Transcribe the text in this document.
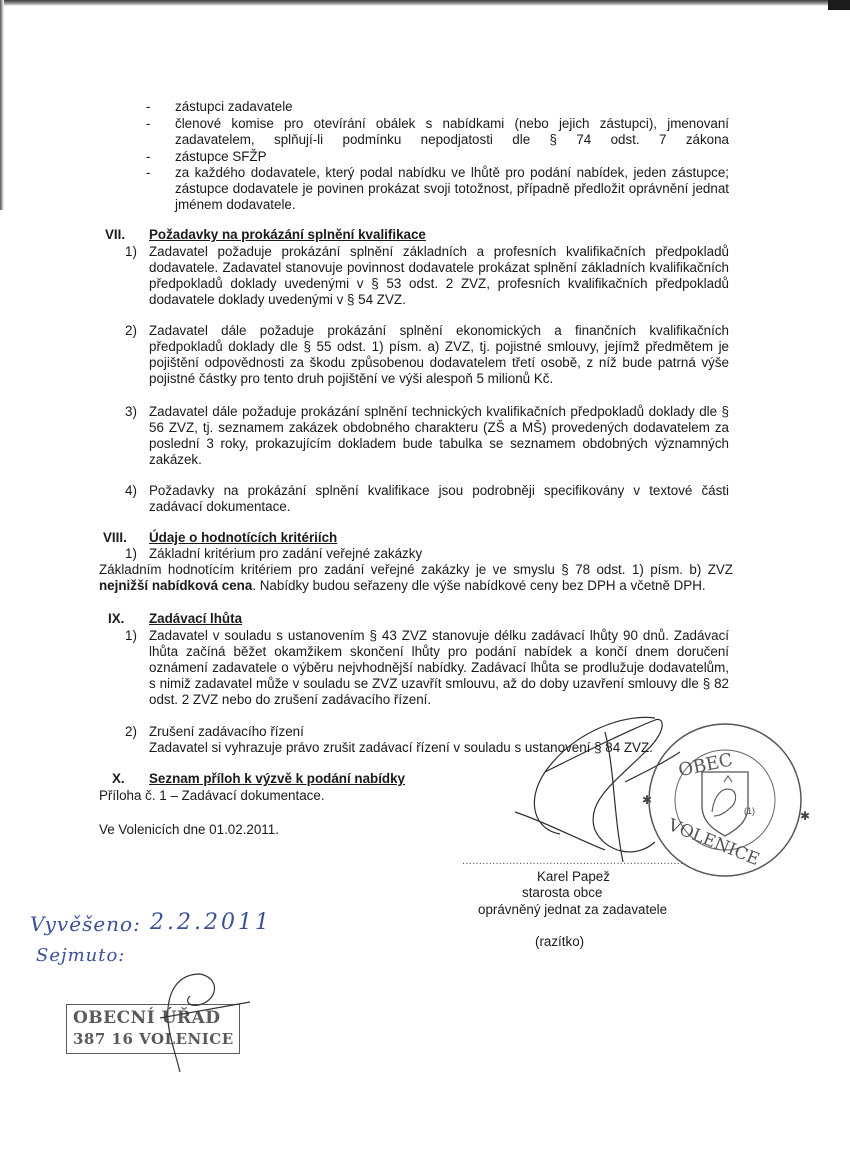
- zástupci zadavatele
- členové komise pro otevírání obálek s nabídkami (nebo jejich zástupci), jmenovaní zadavatelem, splňují-li podmínku nepodjatosti dle § 74 odst. 7 zákona
- zástupce SFŽP
- za každého dodavatele, který podal nabídku ve lhůtě pro podání nabídek, jeden zástupce; zástupce dodavatele je povinen prokázat svoji totožnost, případně předložit oprávnění jednat jménem dodavatele.
VII. Požadavky na prokázání splnění kvalifikace
1) Zadavatel požaduje prokázání splnění základních a profesních kvalifikačních předpokladů dodavatele. Zadavatel stanovuje povinnost dodavatele prokázat splnění základních kvalifikačních předpokladů doklady uvedenými v § 53 odst. 2 ZVZ, profesních kvalifikačních předpokladů dodavatele doklady uvedenými v § 54 ZVZ.
2) Zadavatel dále požaduje prokázání splnění ekonomických a finančních kvalifikačních předpokladů doklady dle § 55 odst. 1) písm. a) ZVZ, tj. pojistné smlouvy, jejímž předmětem je pojištění odpovědnosti za škodu způsobenou dodavatelem třetí osobě, z níž bude patrná výše pojistné částky pro tento druh pojištění ve výši alespoň 5 milionů Kč.
3) Zadavatel dále požaduje prokázání splnění technických kvalifikačních předpokladů doklady dle § 56 ZVZ, tj. seznamem zakázek obdobného charakteru (ZŠ a MŠ) provedených dodavatelem za poslední 3 roky, prokazujícím dokladem bude tabulka se seznamem obdobných významných zakázek.
4) Požadavky na prokázání splnění kvalifikace jsou podrobněji specifikovány v textové části zadávací dokumentace.
VIII. Údaje o hodnotících kritériích
1) Základní kritérium pro zadání veřejné zakázky
Základním hodnotícím kritériem pro zadání veřejné zakázky je ve smyslu § 78 odst. 1) písm. b) ZVZ nejnižší nabídková cena. Nabídky budou seřazeny dle výše nabídkové ceny bez DPH a včetně DPH.
IX. Zadávací lhůta
1) Zadavatel v souladu s ustanovením § 43 ZVZ stanovuje délku zadávací lhůty 90 dnů. Zadávací lhůta začíná běžet okamžikem skončení lhůty pro podání nabídek a končí dnem doručení oznámení zadavatele o výběru nejvhodnější nabídky. Zadávací lhůta se prodlužuje dodavatelům, s nimiž zadavatel může v souladu se ZVZ uzavřít smlouvu, až do doby uzavření smlouvy dle § 82 odst. 2 ZVZ nebo do zrušení zadávacího řízení.
2) Zrušení zadávacího řízení
Zadavatel si vyhrazuje právo zrušit zadávací řízení v souladu s ustanovení § 84 ZVZ.
X. Seznam příloh k výzvě k podání nabídky
Příloha č. 1 – Zadávací dokumentace.
Ve Volenicích dne 01.02.2011.
..................................................................
Karel Papež
starosta obce
oprávněný jednat za zadavatele
(razítko)
OBEC
VOLENICE
(1)
✱
✱
Vyvěšeno: 2.2.2011
Sejmuto:
OBECNÍ ÚŘAD
387 16 VOLENICE
